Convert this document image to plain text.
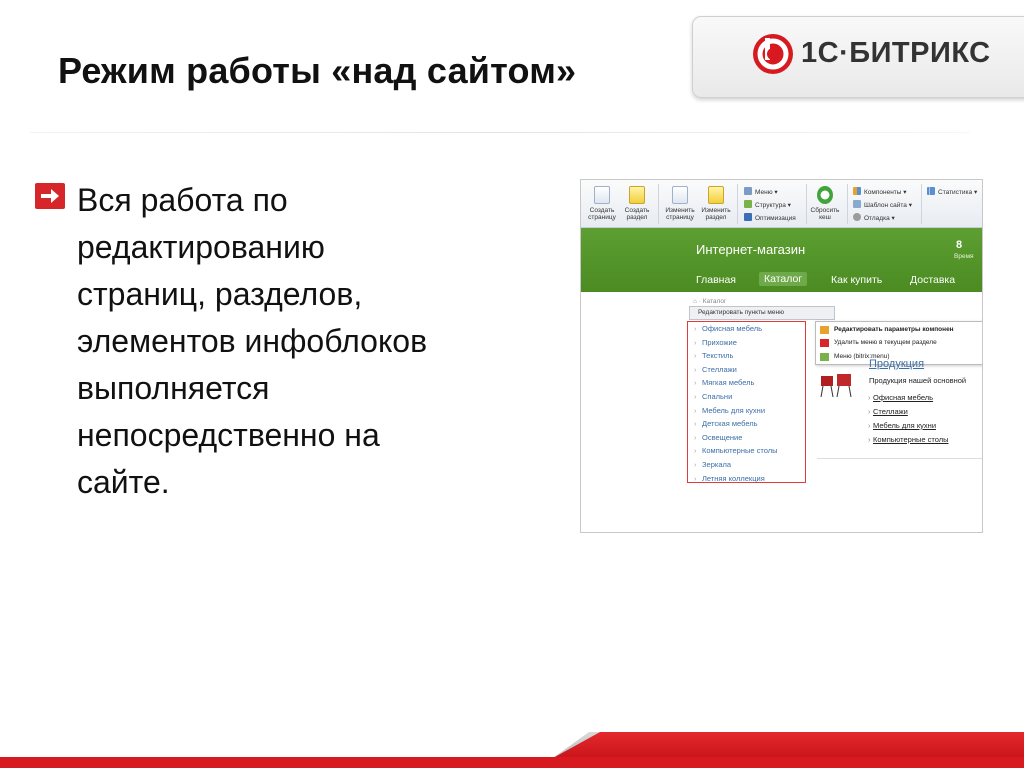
Режим работы «над сайтом»	1С·БИТРИКС
Вся работа по
редактированию
страниц, разделов,
элементов инфоблоков
выполняется
непосредственно на
сайте.
Создать страницу
Создать раздел
Изменить страницу
Изменить раздел
Меню ▾
Структура ▾
Оптимизация
Сбросить кеш
Компоненты ▾
Шаблон сайта ▾
Отладка ▾
Статистика ▾
Интернет-магазин	8
Время
Главная	Каталог	Как купить	Доставка
⌂ · Каталог
Редактировать пункты меню
› Офисная мебель
› Прихожие
› Текстиль
› Стеллажи
› Мягкая мебель
› Спальни
› Мебель для кухни
› Детская мебель
› Освещение
› Компьютерные столы
› Зеркала
› Летняя коллекция
Редактировать параметры компонен
Удалить меню в текущем разделе
Меню (bitrix:menu)
Продукция
Продукция нашей основной
› Офисная мебель
› Стеллажи
› Мебель для кухни
› Компьютерные столы
